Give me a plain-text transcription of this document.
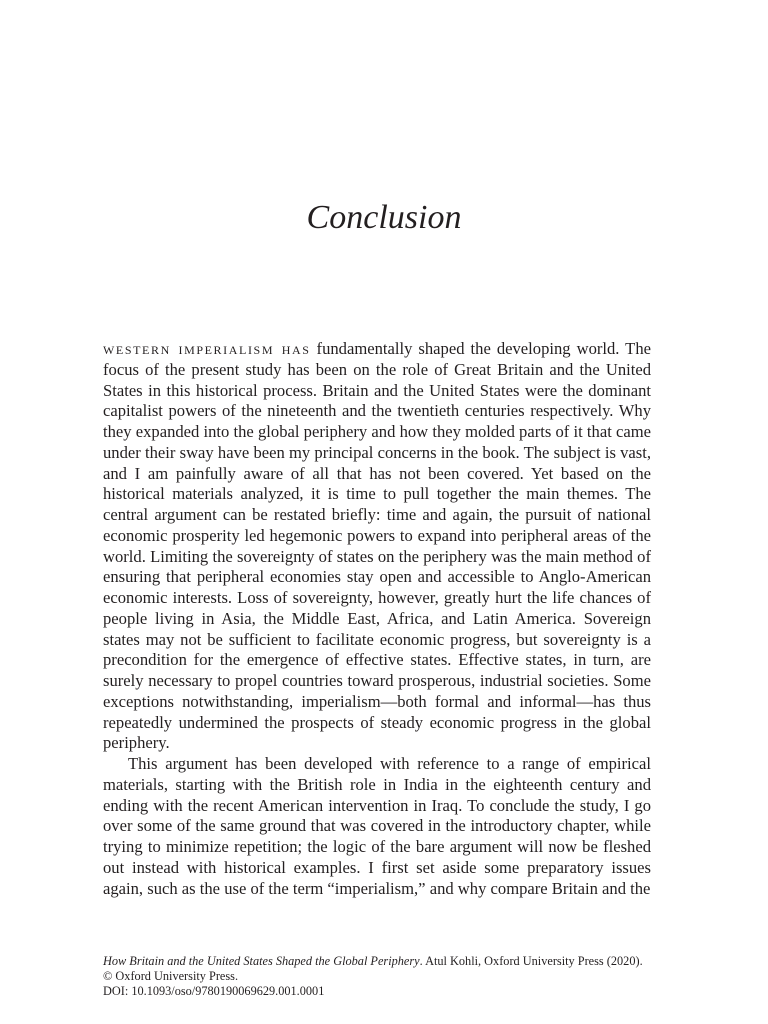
Conclusion

western imperialism has fundamentally shaped the developing world. The focus of the present study has been on the role of Great Britain and the United States in this historical process. Britain and the United States were the dominant capitalist powers of the nineteenth and the twentieth centuries respectively. Why they expanded into the global periphery and how they molded parts of it that came under their sway have been my principal concerns in the book. The subject is vast, and I am painfully aware of all that has not been covered. Yet based on the historical materials analyzed, it is time to pull together the main themes. The central argument can be restated briefly: time and again, the pursuit of national economic prosperity led hegemonic powers to expand into peripheral areas of the world. Limiting the sovereignty of states on the periphery was the main method of ensuring that peripheral economies stay open and accessible to Anglo-American economic interests. Loss of sovereignty, however, greatly hurt the life chances of people living in Asia, the Middle East, Africa, and Latin America. Sovereign states may not be sufficient to facilitate economic progress, but sovereignty is a precondition for the emergence of effective states. Effective states, in turn, are surely necessary to propel countries toward prosperous, industrial societies. Some exceptions notwithstanding, imperialism—both formal and informal—has thus repeatedly undermined the prospects of steady economic progress in the global periphery.

This argument has been developed with reference to a range of empirical materials, starting with the British role in India in the eighteenth century and ending with the recent American intervention in Iraq. To conclude the study, I go over some of the same ground that was covered in the introductory chapter, while trying to minimize repetition; the logic of the bare argument will now be fleshed out instead with historical examples. I first set aside some preparatory issues again, such as the use of the term “imperialism,” and why compare Britain and the

How Britain and the United States Shaped the Global Periphery. Atul Kohli, Oxford University Press (2020).
© Oxford University Press.
DOI: 10.1093/oso/9780190069629.001.0001
